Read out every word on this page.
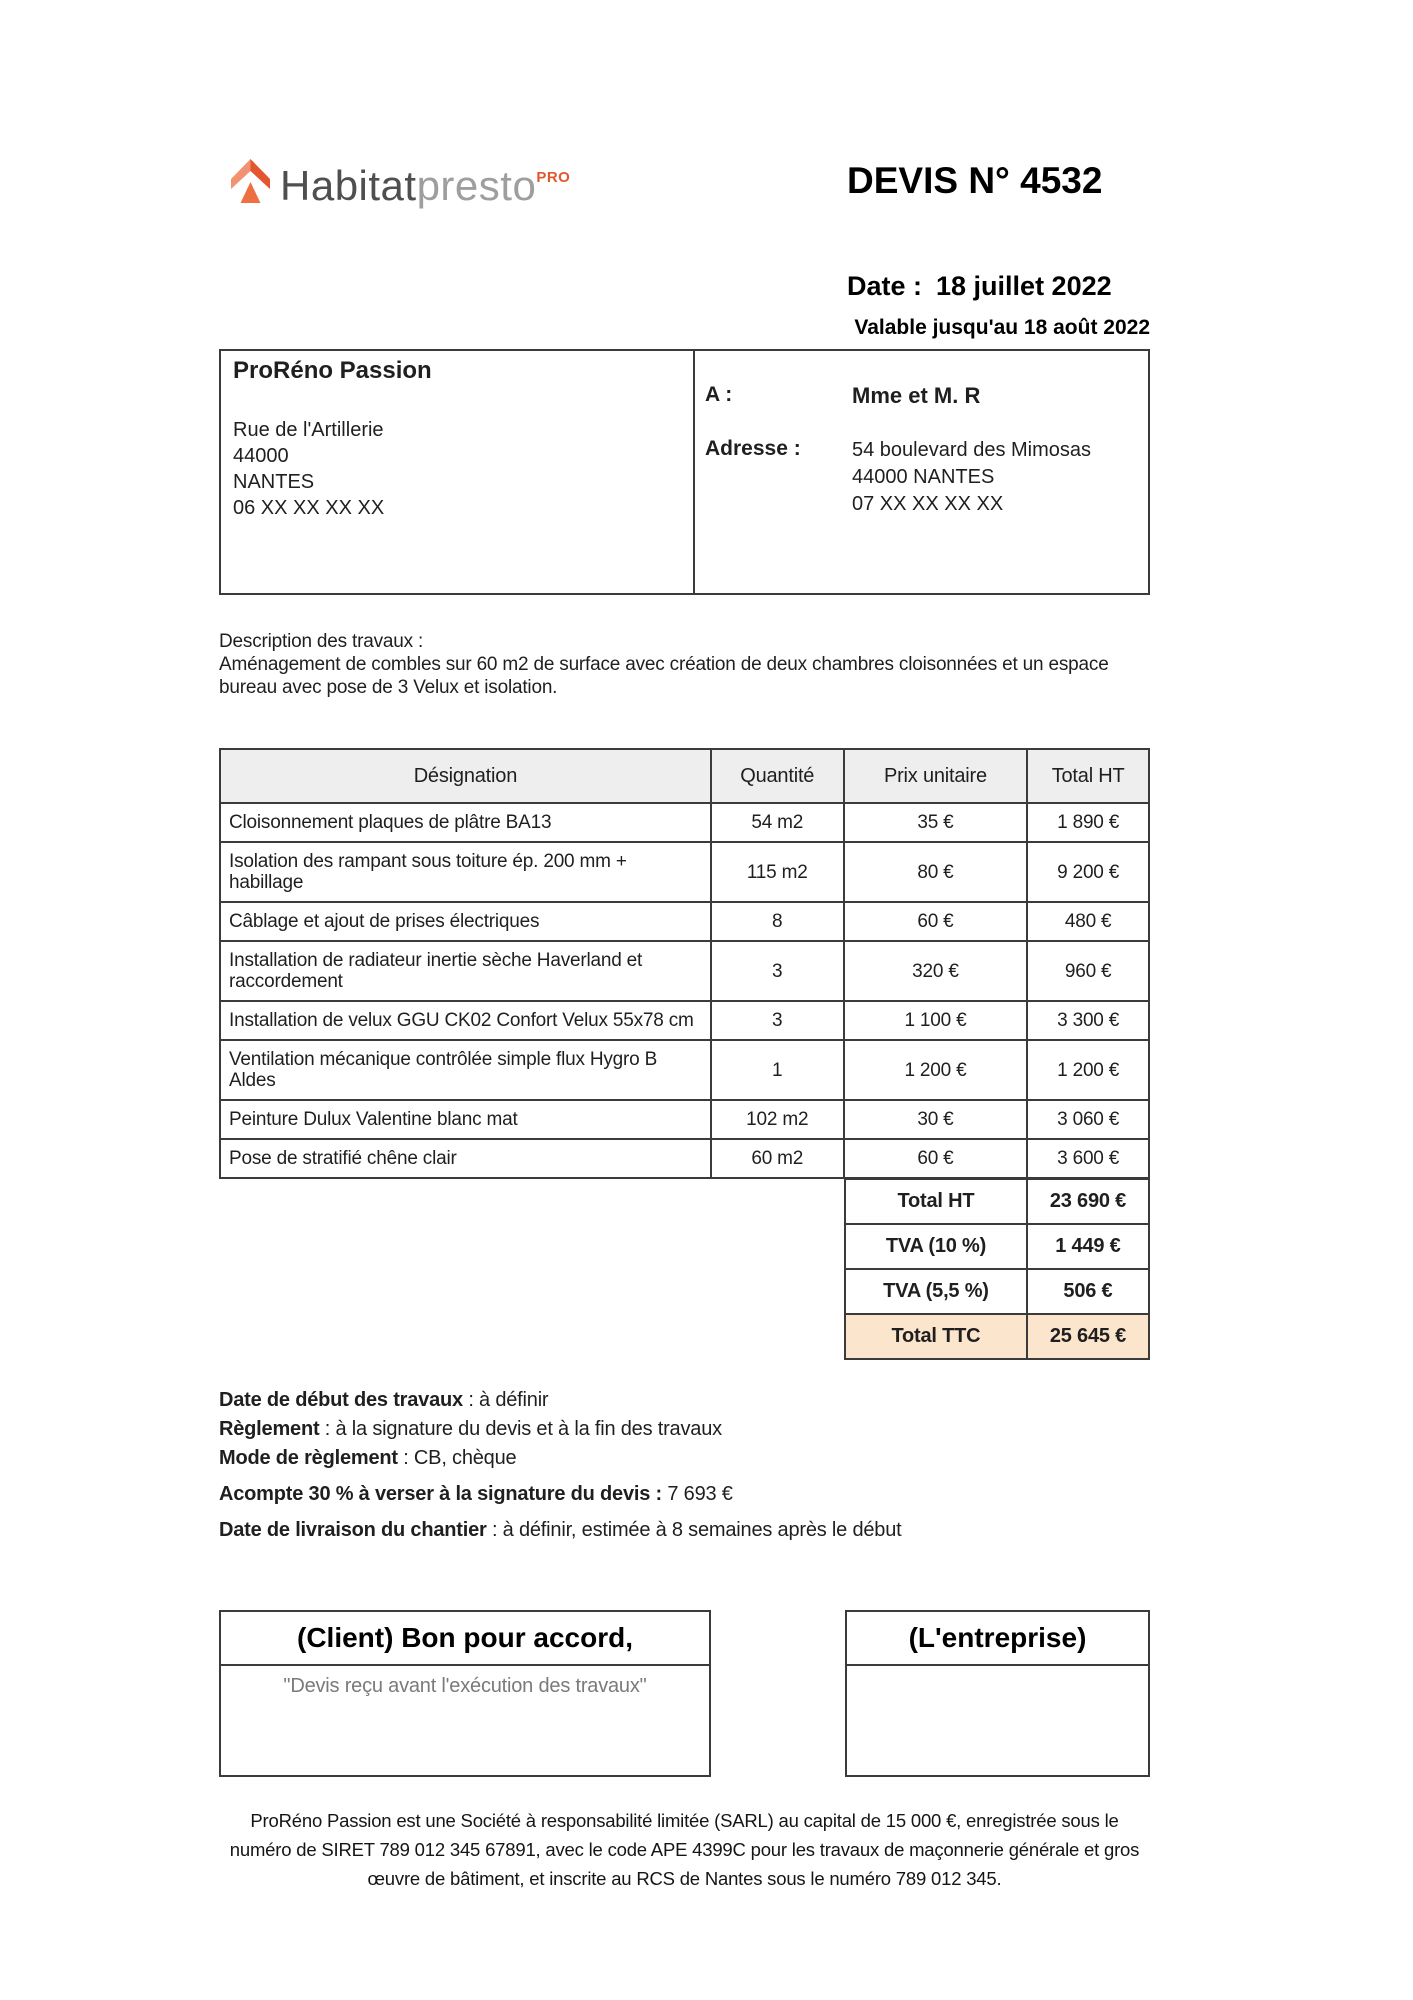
Habitatpresto$^{PRO}$	DEVIS N° 4532
Date : 18 juillet 2022
Valable jusqu'au 18 août 2022
ProRéno Passion
Rue de l'Artillerie
44000
NANTES
06 XX XX XX XX
A :	Mme et M. R
Adresse :	54 boulevard des Mimosas
44000 NANTES
07 XX XX XX XX
Description des travaux :
Aménagement de combles sur 60 m2 de surface avec création de deux chambres cloisonnées et un espace bureau avec pose de 3 Velux et isolation.
Désignation	Quantité	Prix unitaire	Total HT
Cloisonnement plaques de plâtre BA13	54 m2	35 €	1 890 €
Isolation des rampant sous toiture ép. 200 mm + habillage	115 m2	80 €	9 200 €
Câblage et ajout de prises électriques	8	60 €	480 €
Installation de radiateur inertie sèche Haverland et raccordement	3	320 €	960 €
Installation de velux GGU CK02 Confort Velux 55x78 cm	3	1 100 €	3 300 €
Ventilation mécanique contrôlée simple flux Hygro B Aldes	1	1 200 €	1 200 €
Peinture Dulux Valentine blanc mat	102 m2	30 €	3 060 €
Pose de stratifié chêne clair	60 m2	60 €	3 600 €
Total HT	23 690 €
TVA (10 %)	1 449 €
TVA (5,5 %)	506 €
Total TTC	25 645 €

Date de début des travaux : à définir

Règlement : à la signature du devis et à la fin des travaux

Mode de règlement : CB, chèque

Acompte 30 % à verser à la signature du devis : 7 693 €

Date de livraison du chantier : à définir, estimée à 8 semaines après le début

(Client) Bon pour accord,
"Devis reçu avant l'exécution des travaux"
(L'entreprise)
ProRéno Passion est une Société à responsabilité limitée (SARL) au capital de 15 000 €, enregistrée sous le numéro de SIRET 789 012 345 67891, avec le code APE 4399C pour les travaux de maçonnerie générale et gros œuvre de bâtiment, et inscrite au RCS de Nantes sous le numéro 789 012 345.
